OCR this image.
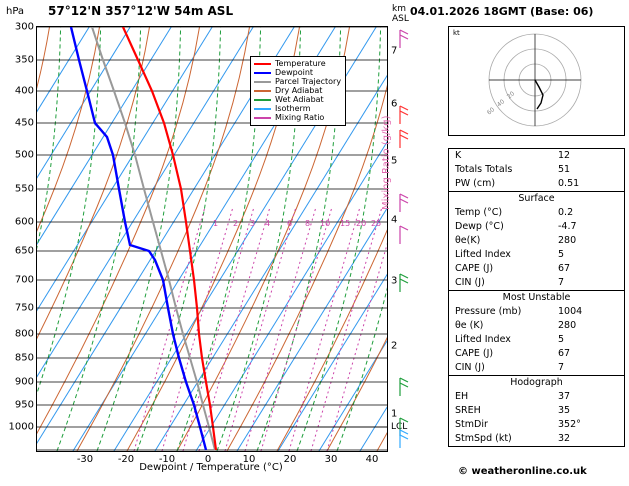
hPa 57°12'N 357°12'W 54m ASL	km
ASL
04.01.2026 18GMT (Base: 06)
300
350
400
450
500
550
600
650
700
750
800
850
900
950
1000
1
2
3
4
5
6
7
LCL
-30 -20 -10	0	10	20	30	40
1 2 3 4 6 8 10 15 20 25
Temperature
Dewpoint
Parcel Trajectory
Dry Adiabat
Wet Adiabat
Isotherm
Mixing Ratio
Dewpoint / Temperature (°C)
Mixing Ratio (g/kg)
kt
20
40
60
K	12
Totals Totals	51
PW (cm)	0.51
Surface
Temp (°C)	0.2
Dewp (°C)	-4.7
θe(K)	280
Lifted Index	5
CAPE (J)	67
CIN (J)	7
Most Unstable
Pressure (mb)	1004
θe (K)	280
Lifted Index	5
CAPE (J)	67
CIN (J)	7
Hodograph
EH	37
SREH	35
StmDir	352°
StmSpd (kt)	32
© weatheronline.co.uk
